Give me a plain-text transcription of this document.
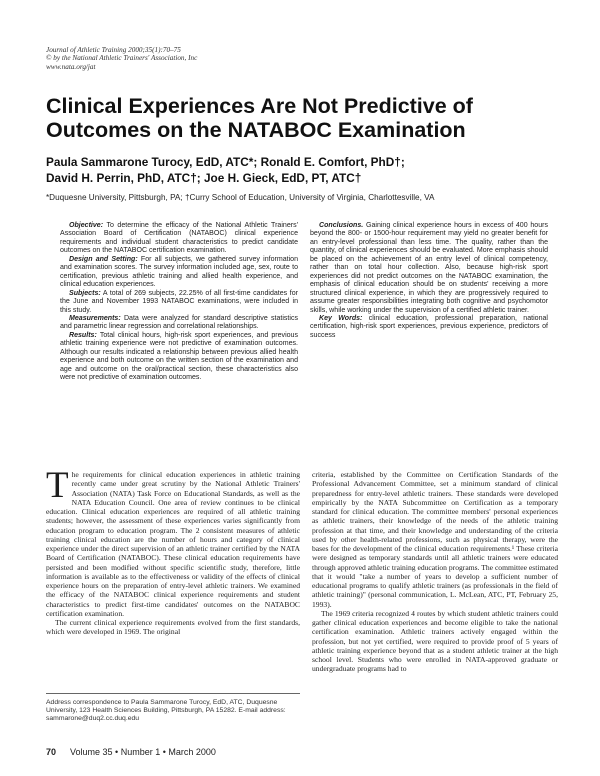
Journal of Athletic Training 2000;35(1):70–75
© by the National Athletic Trainers' Association, Inc
www.nata.org/jat
Clinical Experiences Are Not Predictive of
Outcomes on the NATABOC Examination
Paula Sammarone Turocy, EdD, ATC*; Ronald E. Comfort, PhD†;
David H. Perrin, PhD, ATC†; Joe H. Gieck, EdD, PT, ATC†
*Duquesne University, Pittsburgh, PA; †Curry School of Education, University of Virginia, Charlottesville, VA

Objective: To determine the efficacy of the National Athletic Trainers' Association Board of Certification (NATABOC) clinical experience requirements and individual student characteristics to predict candidate outcomes on the NATABOC certification examination.

Design and Setting: For all subjects, we gathered survey information and examination scores. The survey information included age, sex, route to certification, previous athletic training and allied health experience, and clinical education experiences.

Subjects: A total of 269 subjects, 22.25% of all first-time candidates for the June and November 1993 NATABOC examinations, were included in this study.

Measurements: Data were analyzed for standard descriptive statistics and parametric linear regression and correlational relationships.

Results: Total clinical hours, high-risk sport experiences, and previous athletic training experience were not predictive of examination outcomes. Although our results indicated a relationship between previous allied health experience and both outcome on the written section of the examination and age and outcome on the oral/practical section, these characteristics also were not predictive of examination outcomes.

Conclusions. Gaining clinical experience hours in excess of 400 hours beyond the 800- or 1500-hour requirement may yield no greater benefit for an entry-level professional than less time. The quality, rather than the quantity, of clinical experiences should be evaluated. More emphasis should be placed on the achievement of an entry level of clinical competency, rather than on total hour collection. Also, because high-risk sport experiences did not predict outcomes on the NATABOC examination, the emphasis of clinical education should be on students' receiving a more structured clinical experience, in which they are progressively required to assume greater responsibilities integrating both cognitive and psychomotor skills, while working under the supervision of a certified athletic trainer.

Key Words: clinical education, professional preparation, national certification, high-risk sport experiences, previous experience, predictors of success

The requirements for clinical education experiences in athletic training recently came under great scrutiny by the National Athletic Trainers' Association (NATA) Task Force on Educational Standards, as well as the NATA Education Council. One area of review continues to be clinical education. Clinical education experiences are required of all athletic training students; however, the assessment of these experiences varies significantly from education program to education program. The 2 consistent measures of athletic training clinical education are the number of hours and category of clinical experience under the direct supervision of an athletic trainer certified by the NATA Board of Certification (NATABOC). These clinical education requirements have persisted and been modified without specific scientific study, therefore, little information is available as to the effectiveness or validity of the effects of clinical experience hours on the preparation of entry-level athletic trainers. We examined the efficacy of the NATABOC clinical experience requirements and student characteristics to predict first-time candidates' outcomes on the NATABOC certification examination.

The current clinical experience requirements evolved from the first standards, which were developed in 1969. The original

criteria, established by the Committee on Certification Standards of the Professional Advancement Committee, set a minimum standard of clinical preparedness for entry-level athletic trainers. These standards were developed empirically by the NATA Subcommittee on Certification as a temporary standard for clinical education. The committee members' personal experiences as athletic trainers, their knowledge of the needs of the athletic training profession at that time, and their knowledge and understanding of the criteria used by other health-related professions, such as physical therapy, were the bases for the development of the clinical education requirements.¹ These criteria were designed as temporary standards until all athletic trainers were educated through approved athletic training education programs. The committee estimated that it would "take a number of years to develop a sufficient number of educational programs to qualify athletic trainers (as professionals in the field of athletic training)" (personal communication, L. McLean, ATC, PT, February 25, 1993).

The 1969 criteria recognized 4 routes by which student athletic trainers could gather clinical education experiences and become eligible to take the national certification examination. Athletic trainers actively engaged within the profession, but not yet certified, were required to provide proof of 5 years of athletic training experience beyond that as a student athletic trainer at the high school level. Students who were enrolled in NATA-approved graduate or undergraduate programs had to

Address correspondence to Paula Sammarone Turocy, EdD, ATC, Duquesne University, 123 Health Sciences Building, Pittsburgh, PA 15282. E-mail address: sammarone@duq2.cc.duq.edu
70 Volume 35 • Number 1 • March 2000
